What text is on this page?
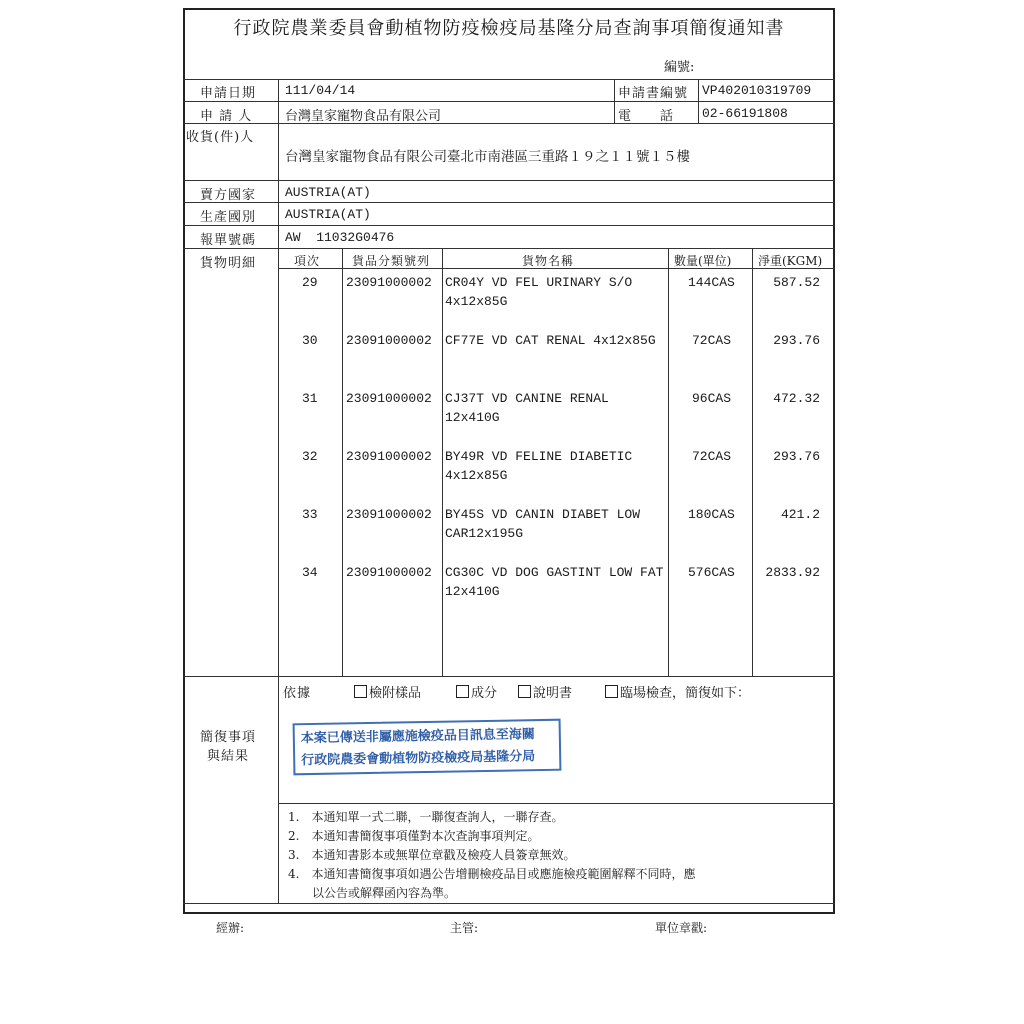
行政院農業委員會動植物防疫檢疫局基隆分局查詢事項簡復通知書
編號:
申請日期 111/04/14	申請書編號 VP402010319709
申 請 人	台灣皇家寵物食品有限公司	電　　話 02-66191808
收貨(件)人
台灣皇家寵物食品有限公司臺北市南港區三重路１９之１１號１５樓
賣方國家 AUSTRIA(AT)
生產國別 AUSTRIA(AT)
報單號碼 AW  11032G0476
貨物明細	項次	貨品分類號列	貨物名稱	數量(單位) 淨重(KGM)
29 23091000002 CR04Y VD FEL URINARY S/O
4x12x85G
144CAS	587.52
30 23091000002 CF77E VD CAT RENAL 4x12x85G	72CAS	293.76
31 23091000002 CJ37T VD CANINE RENAL
12x410G
96CAS	472.32
32 23091000002 BY49R VD FELINE DIABETIC
4x12x85G
72CAS	293.76
33 23091000002 BY45S VD CANIN DIABET LOW
CAR12x195G
180CAS	421.2
34 23091000002 CG30C VD DOG GASTINT LOW FAT
12x410G
576CAS	2833.92
簡復事項
與結果
依據	檢附樣品	成分	說明書	臨場檢查，簡復如下：
本案已傳送非屬應施檢疫品目訊息至海關
行政院農委會動植物防疫檢疫局基隆分局
1.　本通知單一式二聯，一聯復查詢人，一聯存查。
2.　本通知書簡復事項僅對本次查詢事項判定。
3.　本通知書影本或無單位章戳及檢疫人員簽章無效。
4.　本通知書簡復事項如遇公告增刪檢疫品目或應施檢疫範圍解釋不同時，應
　　以公告或解釋函內容為準。
經辦:	主管:	單位章戳:
